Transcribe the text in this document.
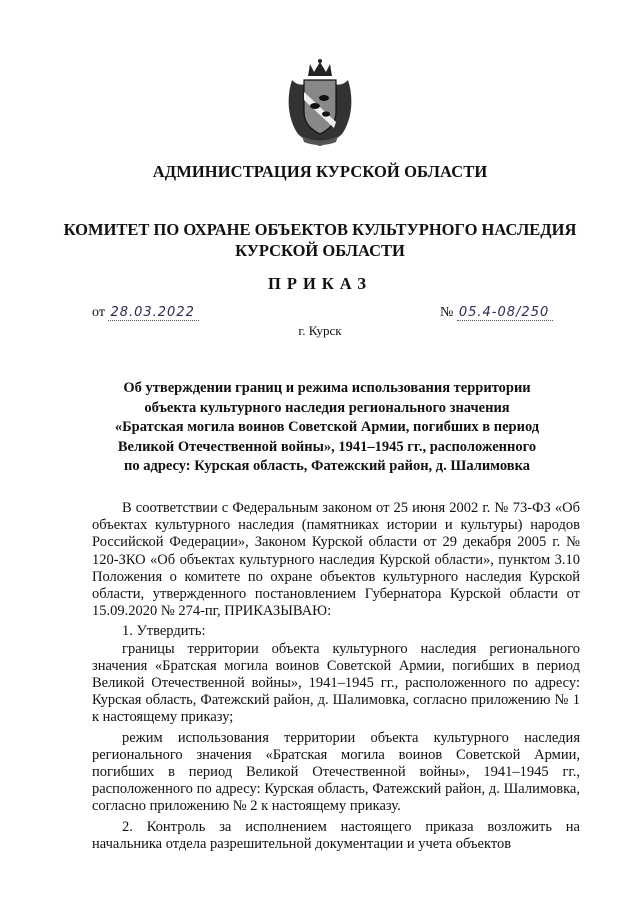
АДМИНИСТРАЦИЯ КУРСКОЙ ОБЛАСТИ
КОМИТЕТ ПО ОХРАНЕ ОБЪЕКТОВ КУЛЬТУРНОГО НАСЛЕДИЯ
КУРСКОЙ ОБЛАСТИ
ПРИКАЗ
от 28.03.2022	№ 05.4-08/250
г. Курск
Об утверждении границ и режима использования территории
объекта культурного наследия регионального значения
«Братская могила воинов Советской Армии, погибших в период
Великой Отечественной войны», 1941–1945 гг., расположенного
по адресу: Курская область, Фатежский район, д. Шалимовка

В соответствии с Федеральным законом от 25 июня 2002 г. № 73-ФЗ «Об объектах культурного наследия (памятниках истории и культуры) народов Российской Федерации», Законом Курской области от 29 декабря 2005 г. № 120-ЗКО «Об объектах культурного наследия Курской области», пунктом 3.10 Положения о комитете по охране объектов культурного наследия Курской области, утвержденного постановлением Губернатора Курской области от 15.09.2020 № 274-пг, ПРИКАЗЫВАЮ:

1. Утвердить:

границы территории объекта культурного наследия регионального значения «Братская могила воинов Советской Армии, погибших в период Великой Отечественной войны», 1941–1945 гг., расположенного по адресу: Курская область, Фатежский район, д. Шалимовка, согласно приложению № 1 к настоящему приказу;

режим использования территории объекта культурного наследия регионального значения «Братская могила воинов Советской Армии, погибших в период Великой Отечественной войны», 1941–1945 гг., расположенного по адресу: Курская область, Фатежский район, д. Шалимовка, согласно приложению № 2 к настоящему приказу.

2. Контроль за исполнением настоящего приказа возложить на начальника отдела разрешительной документации и учета объектов
